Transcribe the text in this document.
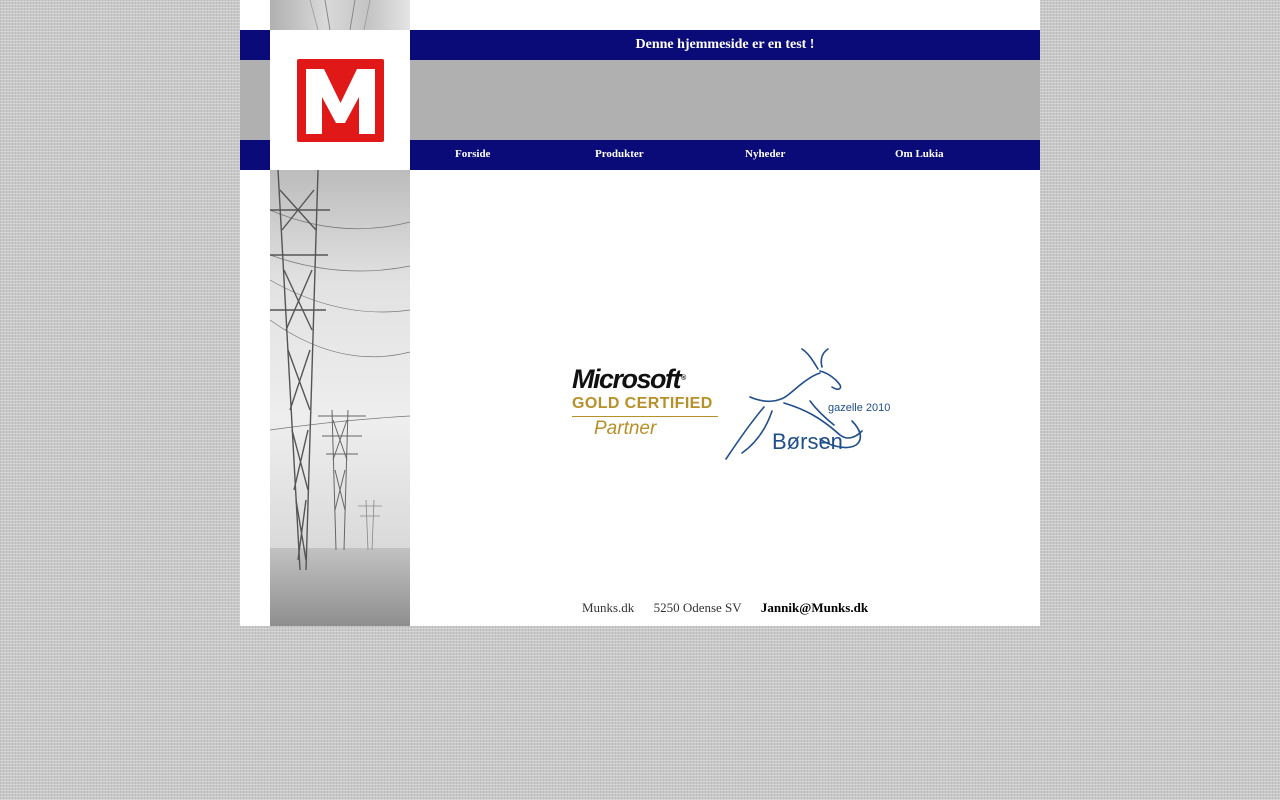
Denne hjemmeside er en test !
Forside	Produkter	Nyheder	Om Lukia
Microsoft®
GOLD CERTIFIED
Partner
gazelle 2010
Børsen
Munks.dk 5250 Odense SV Jannik@Munks.dk
